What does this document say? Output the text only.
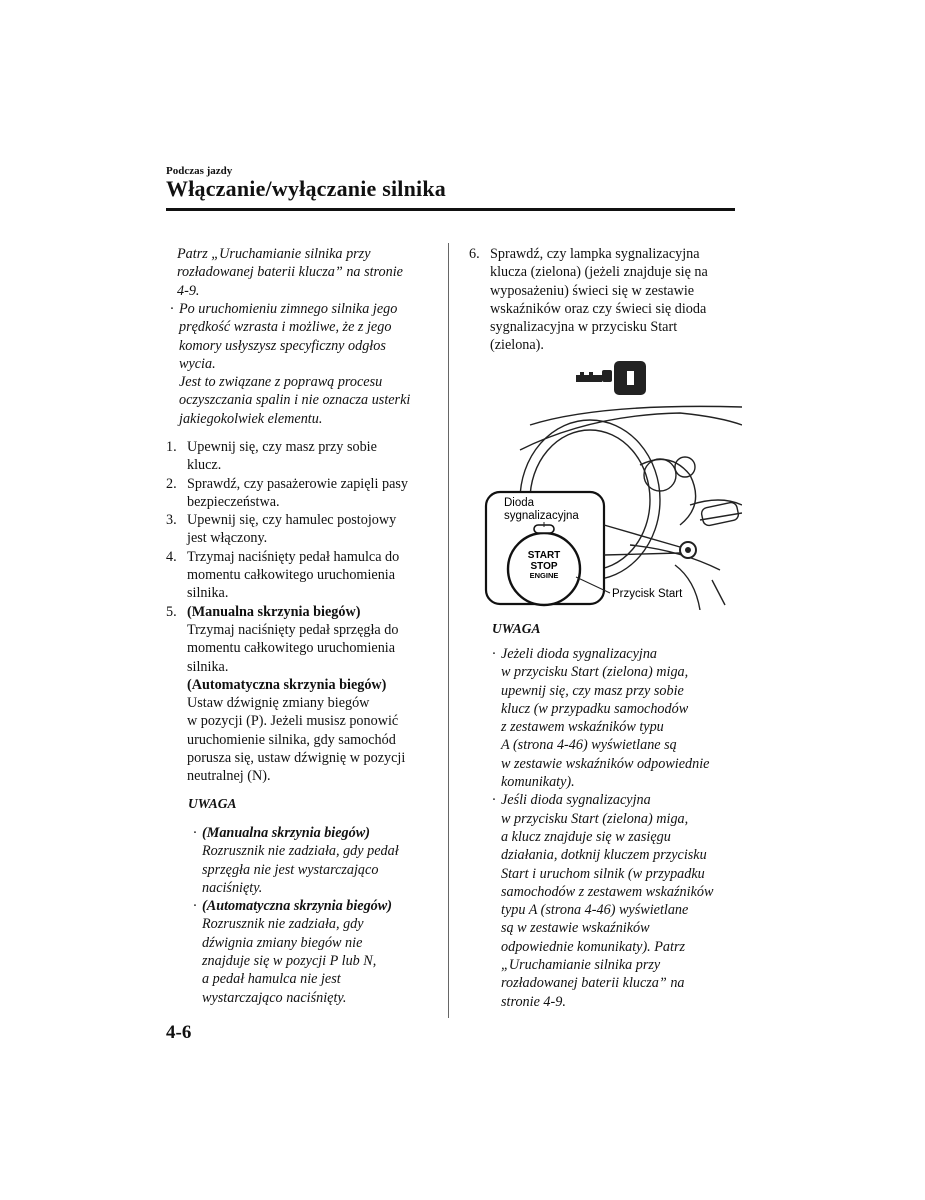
Podczas jazdy
Włączanie/wyłączanie silnika
Patrz „Uruchamianie silnika przy
rozładowanej baterii klucza” na stronie
4-9.
· Po uruchomieniu zimnego silnika jego
prędkość wzrasta i możliwe, że z jego
komory usłyszysz specyficzny odgłos
wycia.
Jest to związane z poprawą procesu
oczyszczania spalin i nie oznacza usterki
jakiegokolwiek elementu.
1. Upewnij się, czy masz przy sobie
klucz.
2. Sprawdź, czy pasażerowie zapięli pasy
bezpieczeństwa.
3. Upewnij się, czy hamulec postojowy
jest włączony.
4. Trzymaj naciśnięty pedał hamulca do
momentu całkowitego uruchomienia
silnika.
5. (Manualna skrzynia biegów)
Trzymaj naciśnięty pedał sprzęgła do
momentu całkowitego uruchomienia
silnika.
(Automatyczna skrzynia biegów)
Ustaw dźwignię zmiany biegów
w pozycji (P). Jeżeli musisz ponowić
uruchomienie silnika, gdy samochód
porusza się, ustaw dźwignię w pozycji
neutralnej (N).
UWAGA
· (Manualna skrzynia biegów)
Rozrusznik nie zadziała, gdy pedał
sprzęgła nie jest wystarczająco
naciśnięty.
· (Automatyczna skrzynia biegów)
Rozrusznik nie zadziała, gdy
dźwignia zmiany biegów nie
znajduje się w pozycji P lub N,
a pedał hamulca nie jest
wystarczająco naciśnięty.
6. Sprawdź, czy lampka sygnalizacyjna
klucza (zielona) (jeżeli znajduje się na
wyposażeniu) świeci się w zestawie
wskaźników oraz czy świeci się dioda
sygnalizacyjna w przycisku Start
(zielona).
START
STOP
ENGINE
Dioda
sygnalizacyjna
Przycisk Start
UWAGA
· Jeżeli dioda sygnalizacyjna
w przycisku Start (zielona) miga,
upewnij się, czy masz przy sobie
klucz (w przypadku samochodów
z zestawem wskaźników typu
A (strona 4-46) wyświetlane są
w zestawie wskaźników odpowiednie
komunikaty).
· Jeśli dioda sygnalizacyjna
w przycisku Start (zielona) miga,
a klucz znajduje się w zasięgu
działania, dotknij kluczem przycisku
Start i uruchom silnik (w przypadku
samochodów z zestawem wskaźników
typu A (strona 4-46) wyświetlane
są w zestawie wskaźników
odpowiednie komunikaty). Patrz
„Uruchamianie silnika przy
rozładowanej baterii klucza” na
stronie 4-9.
4-6
